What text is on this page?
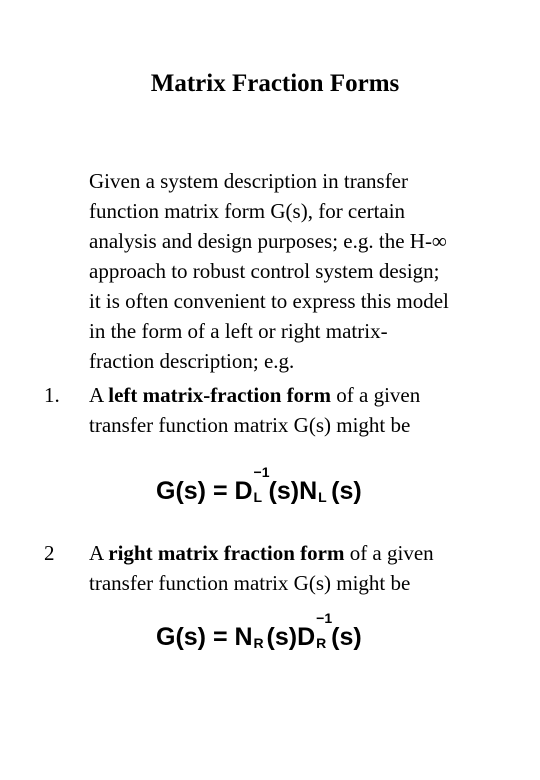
Matrix Fraction Forms

Given a system description in transfer
function matrix form G(s), for certain
analysis and design purposes; e.g. the H-∞
approach to robust control system design;
it is often convenient to express this model
in the form of a left or right matrix-
fraction description; e.g.

1. A left matrix-fraction form of a given
transfer function matrix G(s) might be
G(s) = D
−1
L (s)N L (s)
2 A right matrix fraction form of a given
transfer function matrix G(s) might be
G(s) = N R (s)D
−1
R (s)
